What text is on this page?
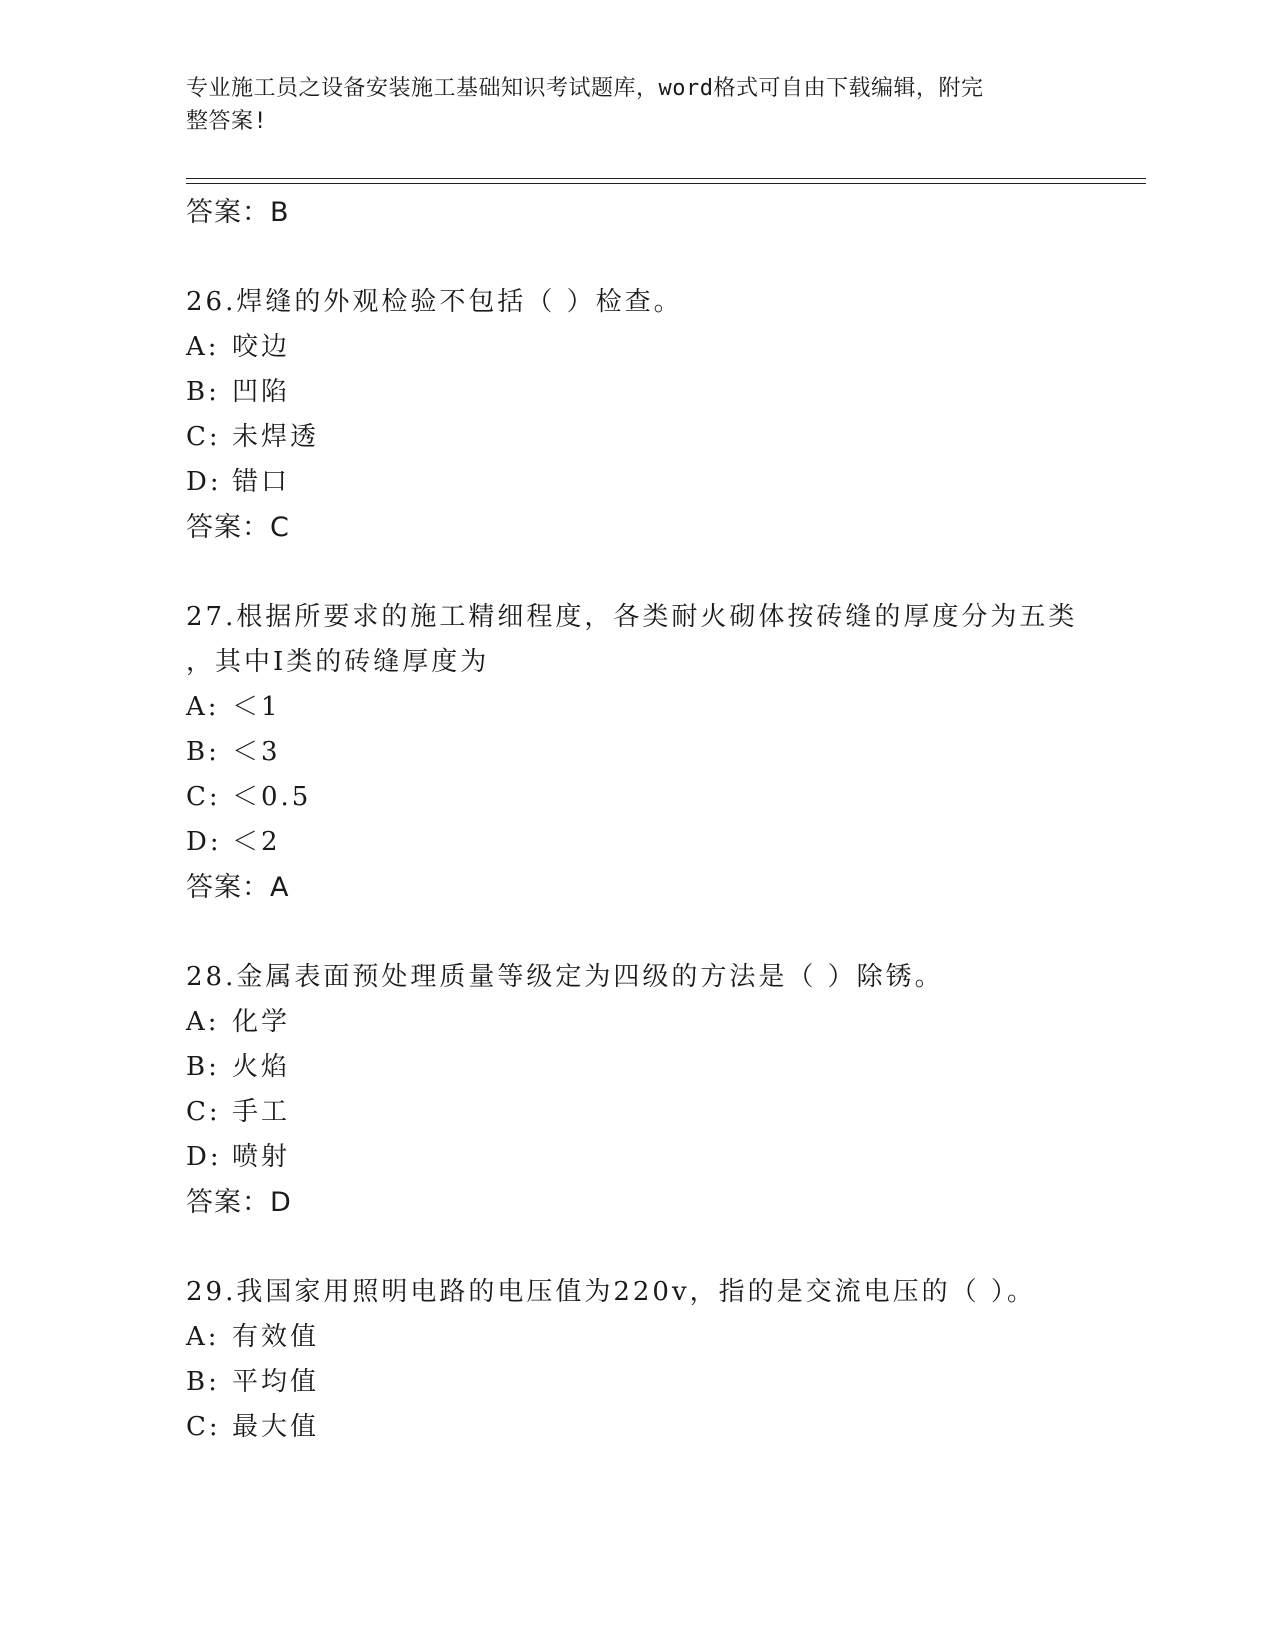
专业施工员之设备安装施工基础知识考试题库，word格式可自由下载编辑，附完
整答案!
答案：B
26.焊缝的外观检验不包括（ ）检查。
A: 咬边
B: 凹陷
C: 未焊透
D: 错口
答案：C
27.根据所要求的施工精细程度，各类耐火砌体按砖缝的厚度分为五类
，其中I类的砖缝厚度为
A: ＜1
B: ＜3
C: ＜0.5
D: ＜2
答案：A
28.金属表面预处理质量等级定为四级的方法是（ ）除锈。
A: 化学
B: 火焰
C: 手工
D: 喷射
答案：D
29.我国家用照明电路的电压值为220v，指的是交流电压的（ ）。
A: 有效值
B: 平均值
C: 最大值
